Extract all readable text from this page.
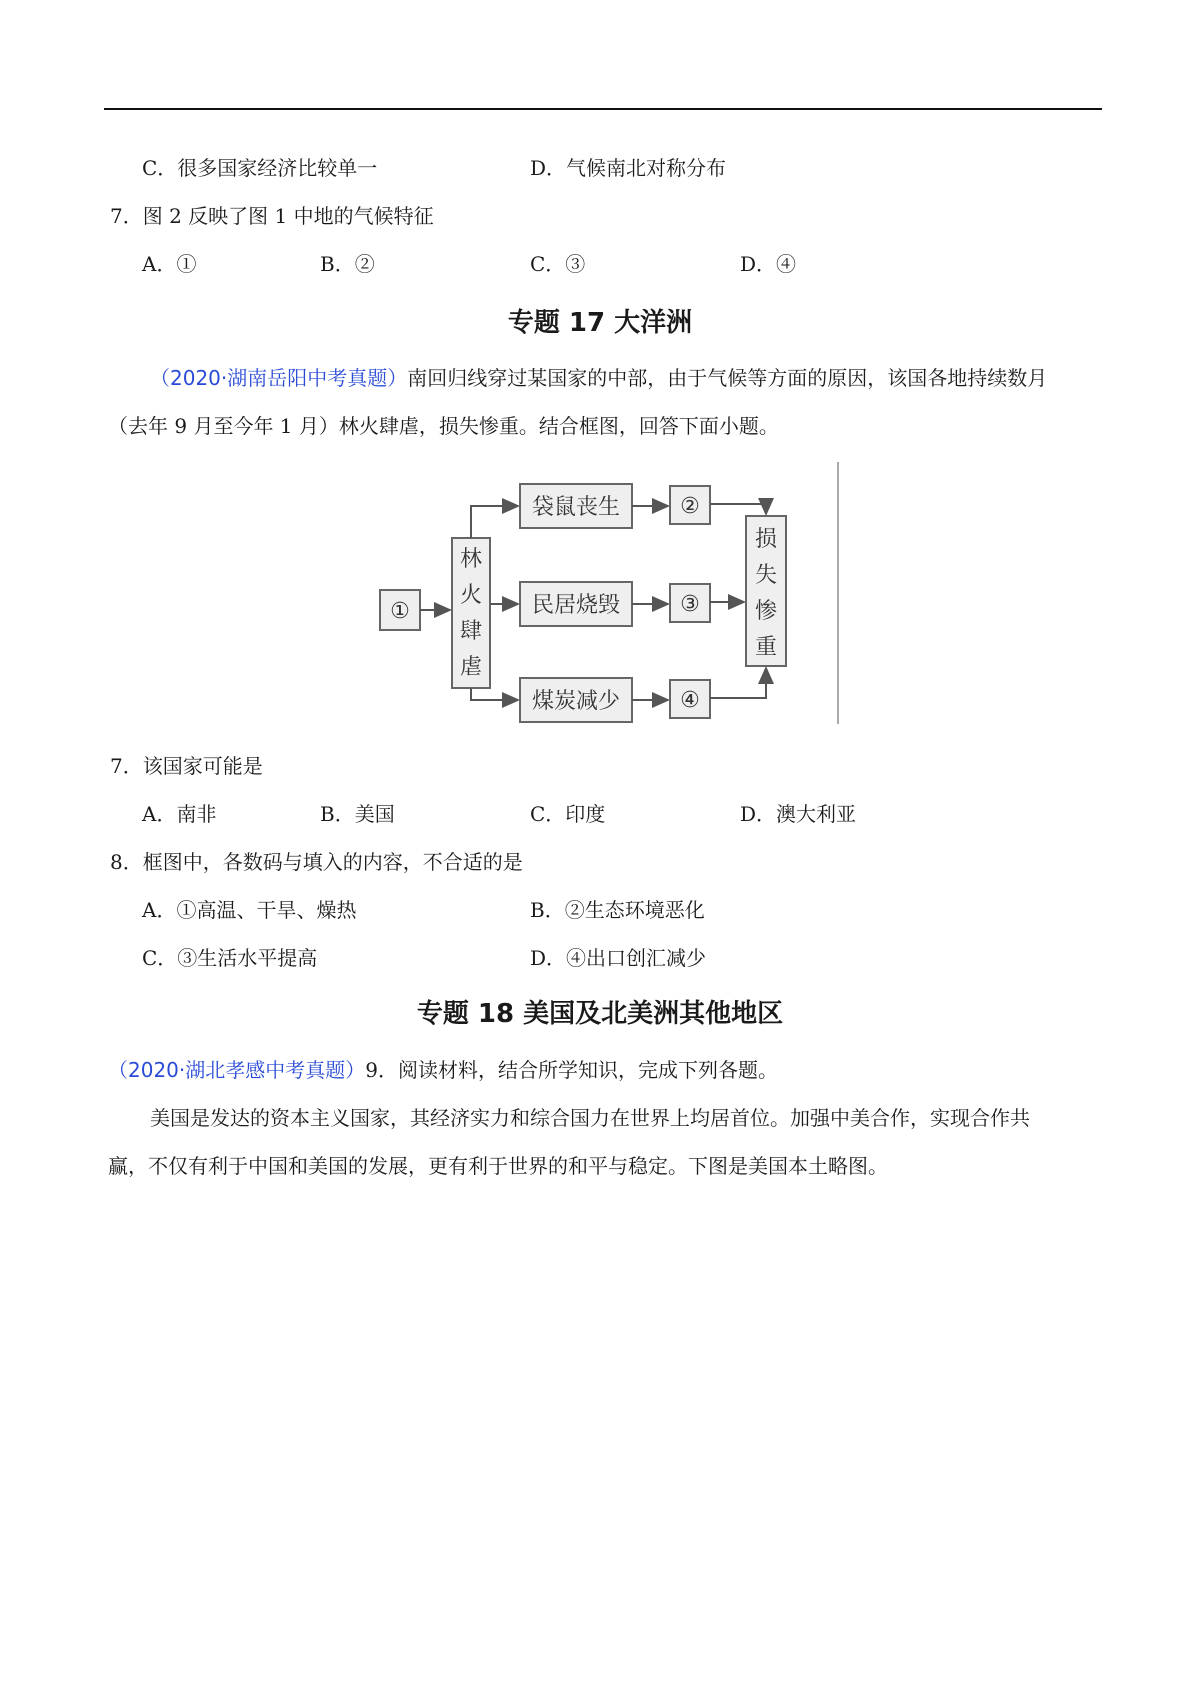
C．很多国家经济比较单一	D．气候南北对称分布
7．图 2 反映了图 1 中地的气候特征
A．①	B．②	C．③	D．④
专题 17 大洋洲
（2020·湖南岳阳中考真题）南回归线穿过某国家的中部，由于气候等方面的原因，该国各地持续数月
（去年 9 月至今年 1 月）林火肆虐，损失惨重。结合框图，回答下面小题。
①
林
火
肆
虐
袋鼠丧生
民居烧毁
煤炭减少
②
③
④
损
失
惨
重
7．该国家可能是
A．南非	B．美国	C．印度	D．澳大利亚
8．框图中，各数码与填入的内容，不合适的是
A．①高温、干旱、燥热	B．②生态环境恶化
C．③生活水平提高	D．④出口创汇减少
专题 18 美国及北美洲其他地区
（2020·湖北孝感中考真题）9．阅读材料，结合所学知识，完成下列各题。
美国是发达的资本主义国家，其经济实力和综合国力在世界上均居首位。加强中美合作，实现合作共
赢，不仅有利于中国和美国的发展，更有利于世界的和平与稳定。下图是美国本土略图。
